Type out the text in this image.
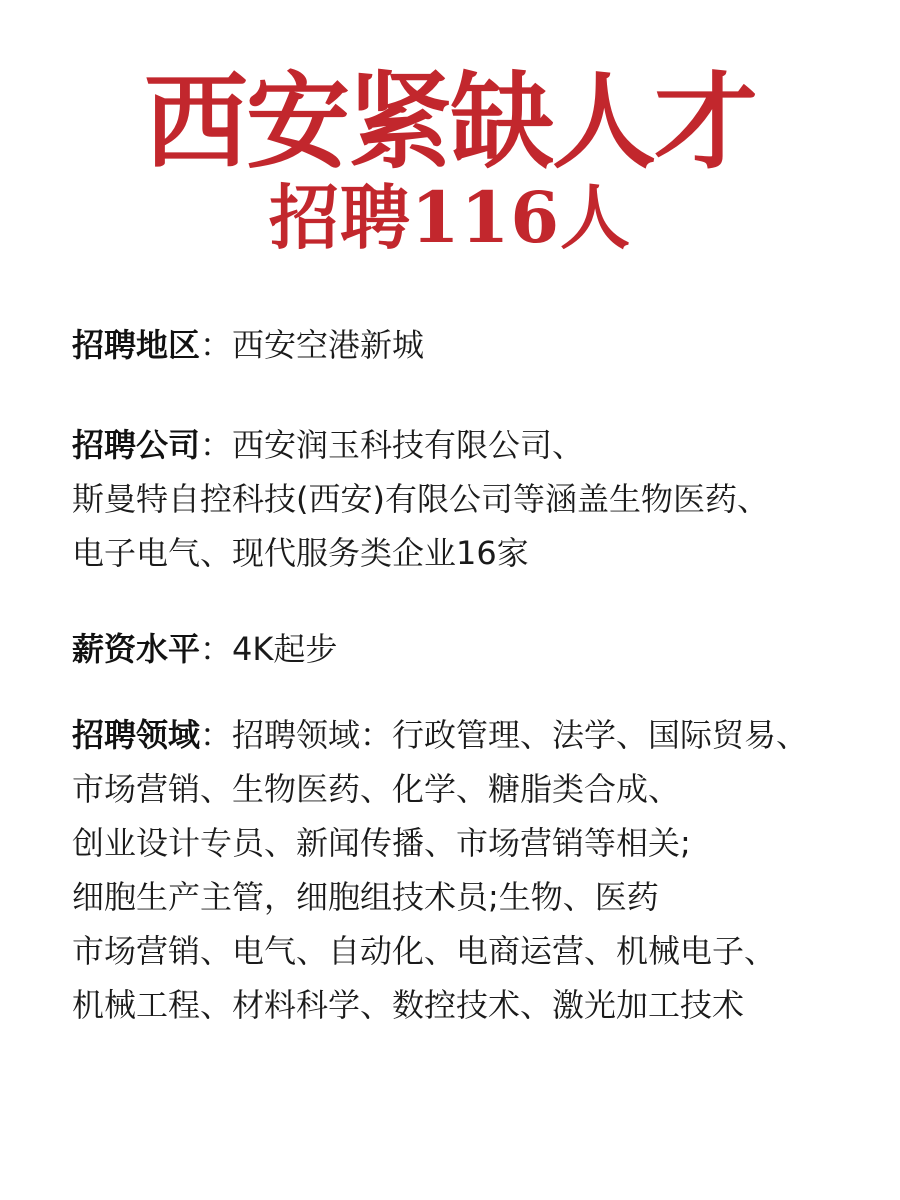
西安紧缺人才
招聘116人
招聘地区：西安空港新城
招聘公司：西安润玉科技有限公司、
斯曼特自控科技(西安)有限公司等涵盖生物医药、
电子电气、现代服务类企业16家
薪资水平：4K起步
招聘领域：招聘领域：行政管理、法学、国际贸易、
市场营销、生物医药、化学、糖脂类合成、
创业设计专员、新闻传播、市场营销等相关;
细胞生产主管，细胞组技术员;生物、医药
市场营销、电气、自动化、电商运营、机械电子、
机械工程、材料科学、数控技术、激光加工技术
